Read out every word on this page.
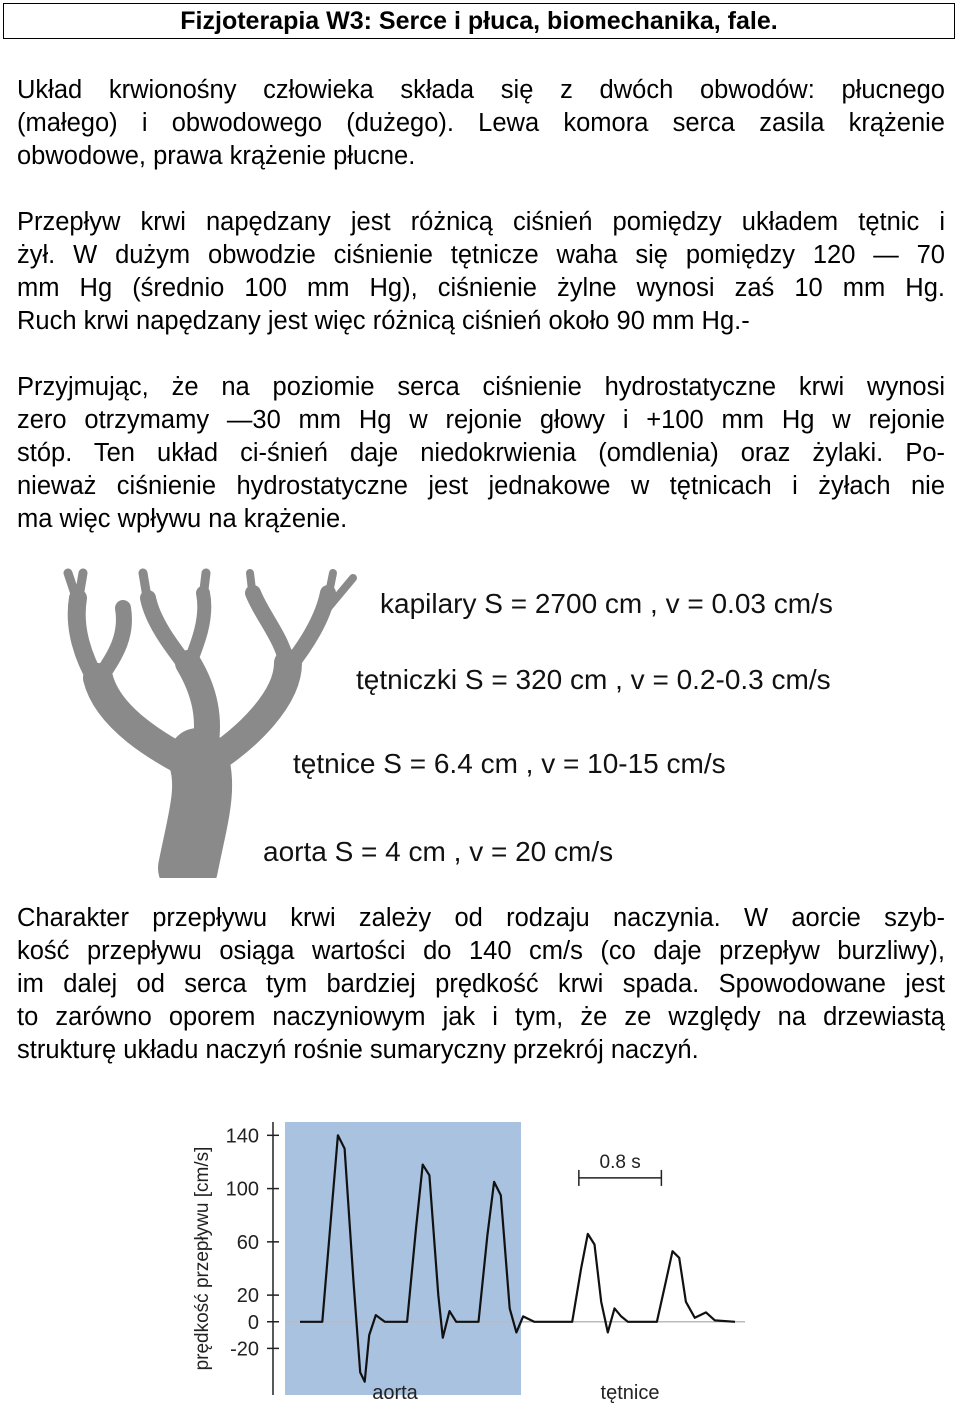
Fizjoterapia W3: Serce i płuca, biomechanika, fale.
Układ krwionośny człowieka składa się z dwóch obwodów: płucnego
(małego) i obwodowego (dużego). Lewa komora serca zasila krążenie
obwodowe, prawa krążenie płucne.
Przepływ krwi napędzany jest różnicą ciśnień pomiędzy układem tętnic i
żył. W dużym obwodzie ciśnienie tętnicze waha się pomiędzy 120 — 70
mm Hg (średnio 100 mm Hg), ciśnienie żylne wynosi zaś 10 mm Hg.
Ruch krwi napędzany jest więc różnicą ciśnień około 90 mm Hg.-
Przyjmując, że na poziomie serca ciśnienie hydrostatyczne krwi wynosi
zero otrzymamy —30 mm Hg w rejonie głowy i +100 mm Hg w rejonie
stóp. Ten układ ci-śnień daje niedokrwienia (omdlenia) oraz żylaki. Po-
nieważ ciśnienie hydrostatyczne jest jednakowe w tętnicach i żyłach nie
ma więc wpływu na krążenie.
kapilary S = 2700 cm , v = 0.03 cm/s
tętniczki S = 320 cm , v = 0.2-0.3 cm/s
tętnice S = 6.4 cm , v = 10-15 cm/s
aorta S = 4 cm , v = 20 cm/s
Charakter przepływu krwi zależy od rodzaju naczynia. W aorcie szyb-
kość przepływu osiąga wartości do 140 cm/s (co daje przepływ burzliwy),
im dalej od serca tym bardziej prędkość krwi spada. Spowodowane jest
to zarówno oporem naczyniowym jak i tym, że ze względy na drzewiastą
strukturę układu naczyń rośnie sumaryczny przekrój naczyń.
prędkość przepływu [cm/s]
140
100
60
20
0
-20
0.8 s
aorta	tętnice
